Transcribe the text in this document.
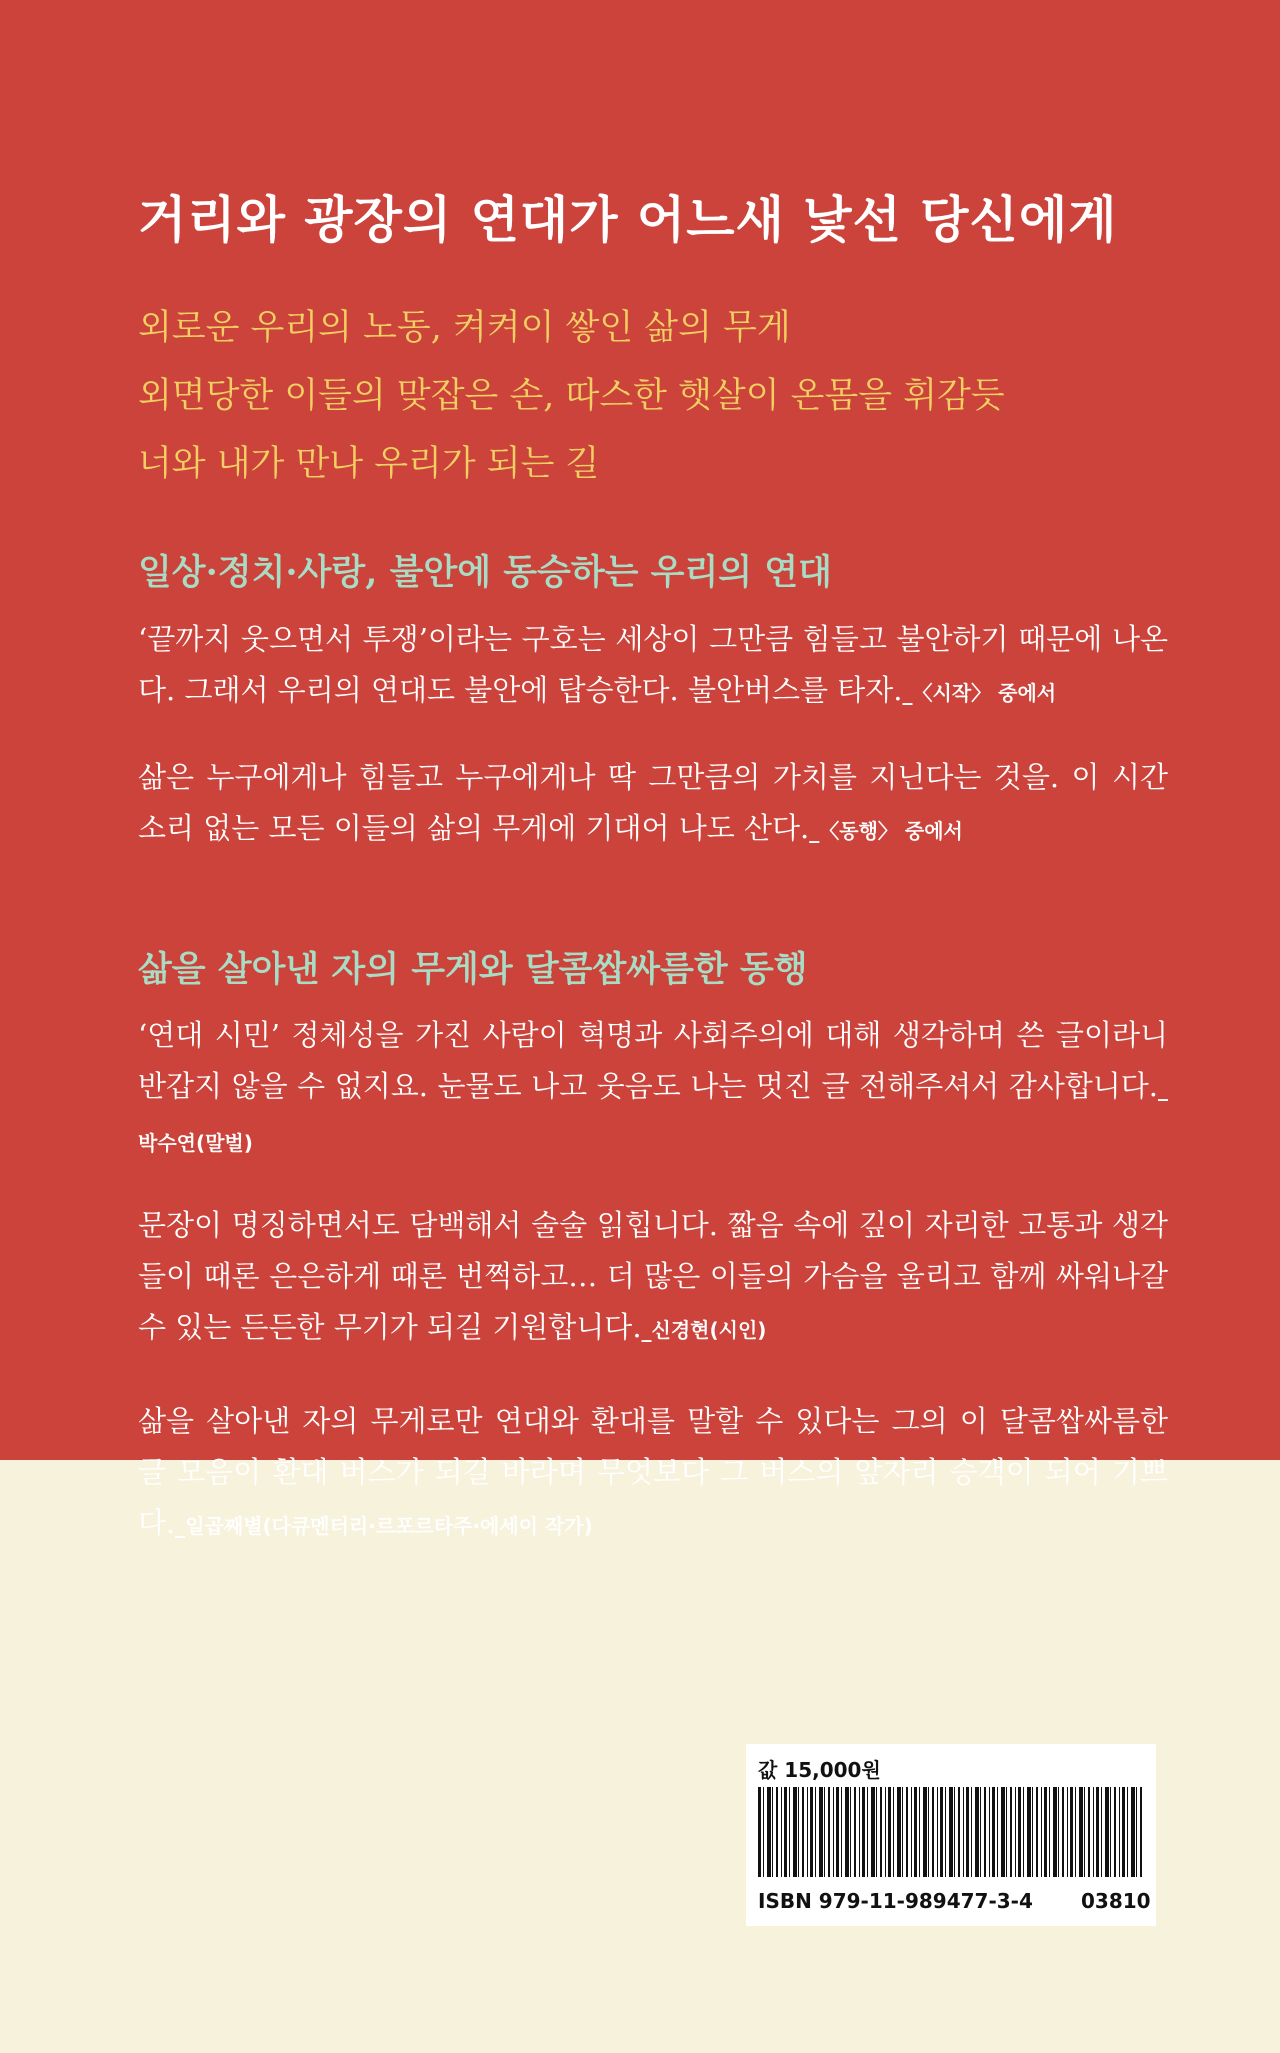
거리와 광장의 연대가 어느새 낯선 당신에게
외로운 우리의 노동, 켜켜이 쌓인 삶의 무게
외면당한 이들의 맞잡은 손, 따스한 햇살이 온몸을 휘감듯
너와 내가 만나 우리가 되는 길
일상·정치·사랑, 불안에 동승하는 우리의 연대
‘끝까지 웃으면서 투쟁’이라는 구호는 세상이 그만큼 힘들고 불안하기 때문에 나온다. 그래서 우리의 연대도 불안에 탑승한다. 불안버스를 타자._〈시작〉 중에서
삶은 누구에게나 힘들고 누구에게나 딱 그만큼의 가치를 지닌다는 것을. 이 시간 소리 없는 모든 이들의 삶의 무게에 기대어 나도 산다._〈동행〉 중에서
삶을 살아낸 자의 무게와 달콤쌉싸름한 동행
‘연대 시민’ 정체성을 가진 사람이 혁명과 사회주의에 대해 생각하며 쓴 글이라니 반갑지 않을 수 없지요. 눈물도 나고 웃음도 나는 멋진 글 전해주셔서 감사합니다._박수연(말벌)
문장이 명징하면서도 담백해서 술술 읽힙니다. 짧음 속에 깊이 자리한 고통과 생각들이 때론 은은하게 때론 번쩍하고… 더 많은 이들의 가슴을 울리고 함께 싸워나갈 수 있는 든든한 무기가 되길 기원합니다._신경현(시인)
삶을 살아낸 자의 무게로만 연대와 환대를 말할 수 있다는 그의 이 달콤쌉싸름한 글 모음이 환대 버스가 되길 바라며 무엇보다 그 버스의 앞자리 승객이 되어 기쁘다._일곱째별(다큐멘터리·르포르타주·에세이 작가)
값 15,000원
ISBN 979-11-989477-3-4 03810
